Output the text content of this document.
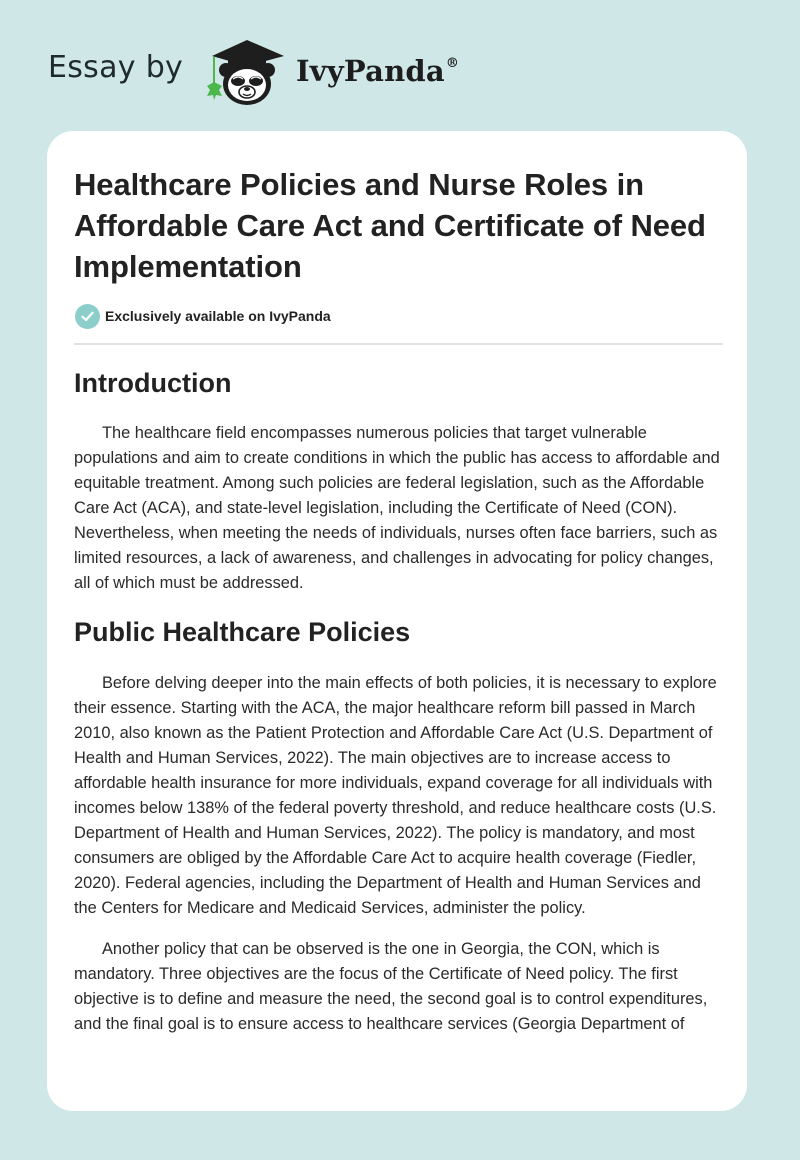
Essay by	IvyPanda®
Healthcare Policies and Nurse Roles in Affordable Care Act and Certificate of Need Implementation
Exclusively available on IvyPanda
Introduction

The healthcare field encompasses numerous policies that target vulnerable populations and aim to create conditions in which the public has access to affordable and equitable treatment. Among such policies are federal legislation, such as the Affordable Care Act (ACA), and state-level legislation, including the Certificate of Need (CON). Nevertheless, when meeting the needs of individuals, nurses often face barriers, such as limited resources, a lack of awareness, and challenges in advocating for policy changes, all of which must be addressed.

Public Healthcare Policies

Before delving deeper into the main effects of both policies, it is necessary to explore their essence. Starting with the ACA, the major healthcare reform bill passed in March 2010, also known as the Patient Protection and Affordable Care Act (U.S. Department of Health and Human Services, 2022). The main objectives are to increase access to affordable health insurance for more individuals, expand coverage for all individuals with incomes below 138% of the federal poverty threshold, and reduce healthcare costs (U.S. Department of Health and Human Services, 2022). The policy is mandatory, and most consumers are obliged by the Affordable Care Act to acquire health coverage (Fiedler, 2020). Federal agencies, including the Department of Health and Human Services and the Centers for Medicare and Medicaid Services, administer the policy.

Another policy that can be observed is the one in Georgia, the CON, which is mandatory. Three objectives are the focus of the Certificate of Need policy. The first objective is to define and measure the need, the second goal is to control expenditures, and the final goal is to ensure access to healthcare services (Georgia Department of
